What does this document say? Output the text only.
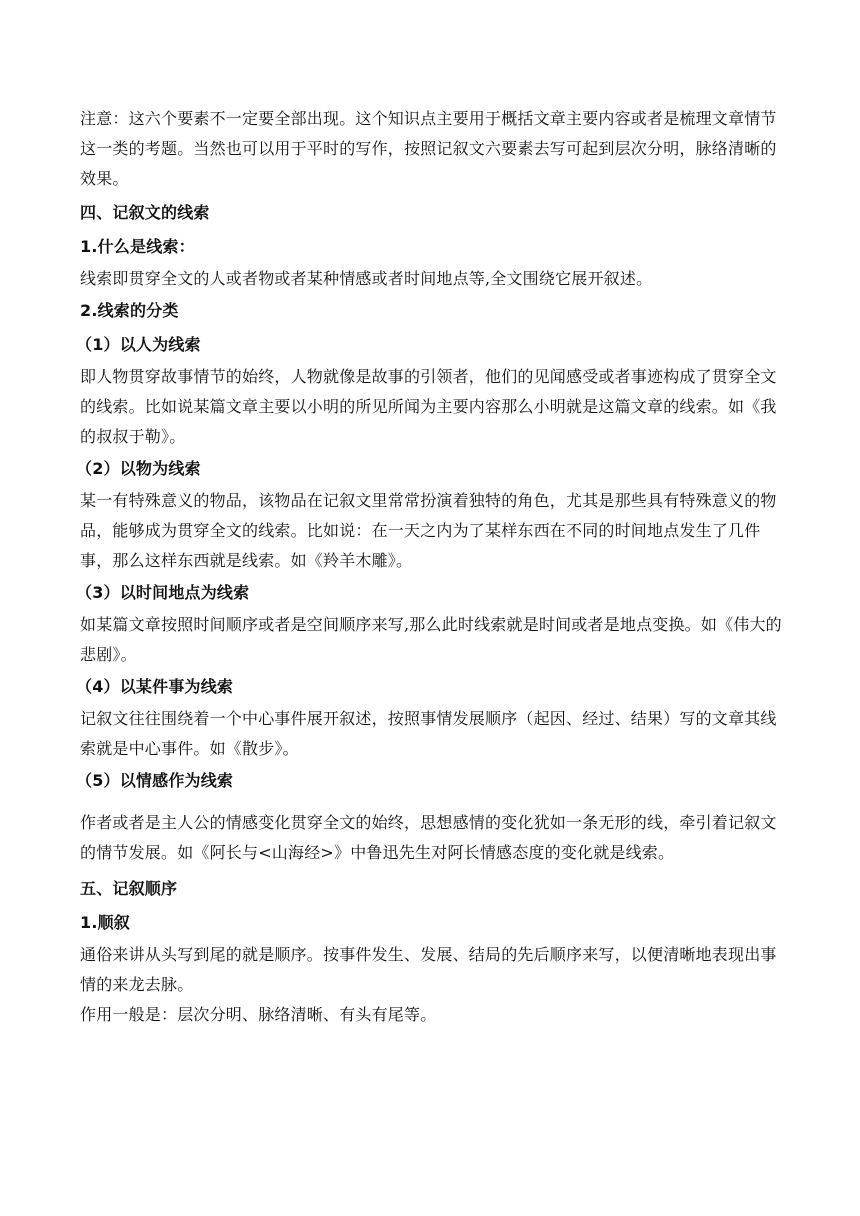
注意：这六个要素不一定要全部出现。这个知识点主要用于概括文章主要内容或者是梳理文章情节这一类的考题。当然也可以用于平时的写作，按照记叙文六要素去写可起到层次分明，脉络清晰的效果。

四、记叙文的线索

1.什么是线索：

线索即贯穿全文的人或者物或者某种情感或者时间地点等,全文围绕它展开叙述。

2.线索的分类

（1）以人为线索

即人物贯穿故事情节的始终，人物就像是故事的引领者，他们的见闻感受或者事迹构成了贯穿全文的线索。比如说某篇文章主要以小明的所见所闻为主要内容那么小明就是这篇文章的线索。如《我的叔叔于勒》。

（2）以物为线索

某一有特殊意义的物品，该物品在记叙文里常常扮演着独特的角色，尤其是那些具有特殊意义的物品，能够成为贯穿全文的线索。比如说：在一天之内为了某样东西在不同的时间地点发生了几件事，那么这样东西就是线索。如《羚羊木雕》。

（3）以时间地点为线索

如某篇文章按照时间顺序或者是空间顺序来写,那么此时线索就是时间或者是地点变换。如《伟大的悲剧》。

（4）以某件事为线索

记叙文往往围绕着一个中心事件展开叙述，按照事情发展顺序（起因、经过、结果）写的文章其线索就是中心事件。如《散步》。

（5）以情感作为线索

作者或者是主人公的情感变化贯穿全文的始终，思想感情的变化犹如一条无形的线，牵引着记叙文的情节发展。如《阿长与<山海经>》中鲁迅先生对阿长情感态度的变化就是线索。

五、记叙顺序

1.顺叙

通俗来讲从头写到尾的就是顺序。按事件发生、发展、结局的先后顺序来写，以便清晰地表现出事情的来龙去脉。

作用一般是：层次分明、脉络清晰、有头有尾等。
